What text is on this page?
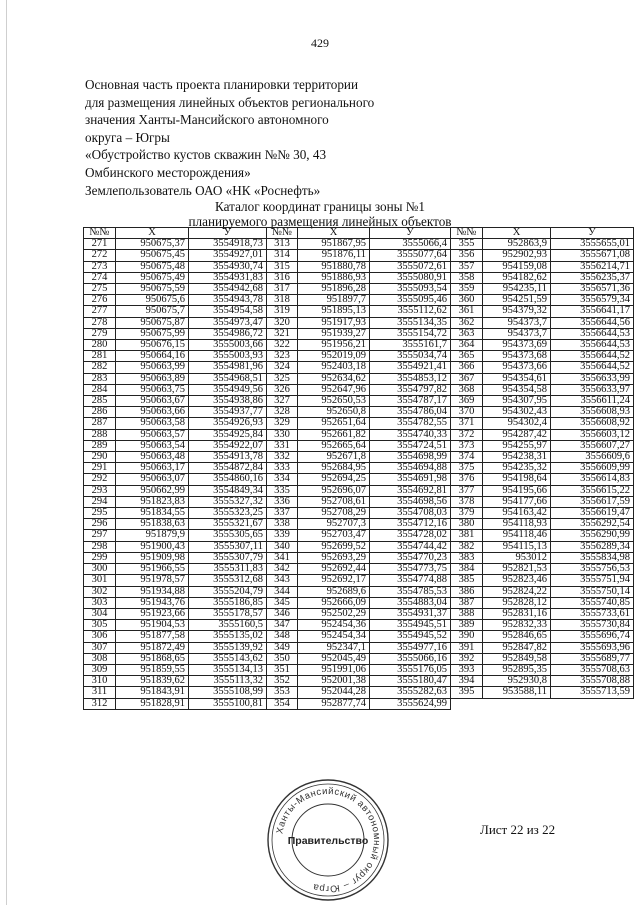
429
Основная часть проекта планировки территории
для размещения линейных объектов регионального
значения Ханты-Мансийского автономного
округа – Югры
«Обустройство кустов скважин №№ 30, 43
Омбинского месторождения»
Землепользователь ОАО «НК «Роснефть»
Каталог координат границы зоны №1
планируемого размещения линейных объектов
№№	X	У	№№	X	У	№№	X	У
271	950675,37	3554918,73	313	951867,95	3555066,4	355	952863,9	3555655,01
272	950675,45	3554927,01	314	951876,11	3555077,64	356	952902,93	3555671,08
273	950675,48	3554930,74	315	951880,78	3555072,61	357	954159,08	3556214,71
274	950675,49	3554931,83	316	951886,93	3555080,91	358	954182,62	3556235,37
275	950675,59	3554942,68	317	951896,28	3555093,54	359	954235,11	3556571,36
276	950675,6	3554943,78	318	951897,7	3555095,46	360	954251,59	3556579,34
277	950675,7	3554954,58	319	951895,13	3555112,62	361	954379,32	3556641,17
278	950675,87	3554973,47	320	951917,93	3555134,35	362	954373,7	3556644,56
279	950675,99	3554986,72	321	951939,27	3555154,72	363	954373,7	3556644,53
280	950676,15	3555003,66	322	951956,21	3555161,7	364	954373,69	3556644,53
281	950664,16	3555003,93	323	952019,09	3555034,74	365	954373,68	3556644,52
282	950663,99	3554981,96	324	952403,18	3554921,41	366	954373,66	3556644,52
283	950663,89	3554968,51	325	952634,62	3554853,12	367	954354,61	3556633,99
284	950663,75	3554949,56	326	952647,96	3554797,82	368	954354,58	3556633,97
285	950663,67	3554938,86	327	952650,53	3554787,17	369	954307,95	3556611,24
286	950663,66	3554937,77	328	952650,8	3554786,04	370	954302,43	3556608,93
287	950663,58	3554926,93	329	952651,64	3554782,55	371	954302,4	3556608,92
288	950663,57	3554925,84	330	952661,82	3554740,33	372	954287,42	3556603,12
289	950663,54	3554922,07	331	952665,64	3554724,51	373	954255,97	3556607,27
290	950663,48	3554913,78	332	952671,8	3554698,99	374	954238,31	3556609,6
291	950663,17	3554872,84	333	952684,95	3554694,88	375	954235,32	3556609,99
292	950663,07	3554860,16	334	952694,25	3554691,98	376	954198,64	3556614,83
293	950662,99	3554849,34	335	952696,07	3554692,81	377	954195,66	3556615,22
294	951823,83	3555327,32	336	952708,61	3554698,56	378	954177,66	3556617,59
295	951834,55	3555323,25	337	952708,29	3554708,03	379	954163,42	3556619,47
296	951838,63	3555321,67	338	952707,3	3554712,16	380	954118,93	3556292,54
297	951879,9	3555305,65	339	952703,47	3554728,02	381	954118,46	3556290,99
298	951900,43	3555307,11	340	952699,52	3554744,42	382	954115,13	3556289,34
299	951909,98	3555307,79	341	952693,29	3554770,23	383	953012	3555834,98
300	951966,55	3555311,83	342	952692,44	3554773,75	384	952821,53	3555756,53
301	951978,57	3555312,68	343	952692,17	3554774,88	385	952823,46	3555751,94
302	951934,88	3555204,79	344	952689,6	3554785,53	386	952824,22	3555750,14
303	951943,76	3555186,85	345	952666,09	3554883,04	387	952828,12	3555740,85
304	951923,66	3555178,57	346	952502,29	3554931,37	388	952831,16	3555733,61
305	951904,53	3555160,5	347	952454,36	3554945,51	389	952832,33	3555730,84
306	951877,58	3555135,02	348	952454,34	3554945,52	390	952846,65	3555696,74
307	951872,49	3555139,92	349	952347,1	3554977,16	391	952847,82	3555693,96
308	951868,65	3555143,62	350	952045,49	3555066,16	392	952849,58	3555689,77
309	951859,55	3555134,13	351	951991,06	3555176,05	393	952895,35	3555708,63
310	951839,62	3555113,32	352	952001,38	3555180,47	394	952930,8	3555708,88
311	951843,91	3555108,99	353	952044,28	3555282,63	395	953588,11	3555713,59
312	951828,91	3555100,81	354	952877,74	3555624,99			
Ханты-Мансийский автономный округ – Югра
Правительство
Лист 22 из 22
